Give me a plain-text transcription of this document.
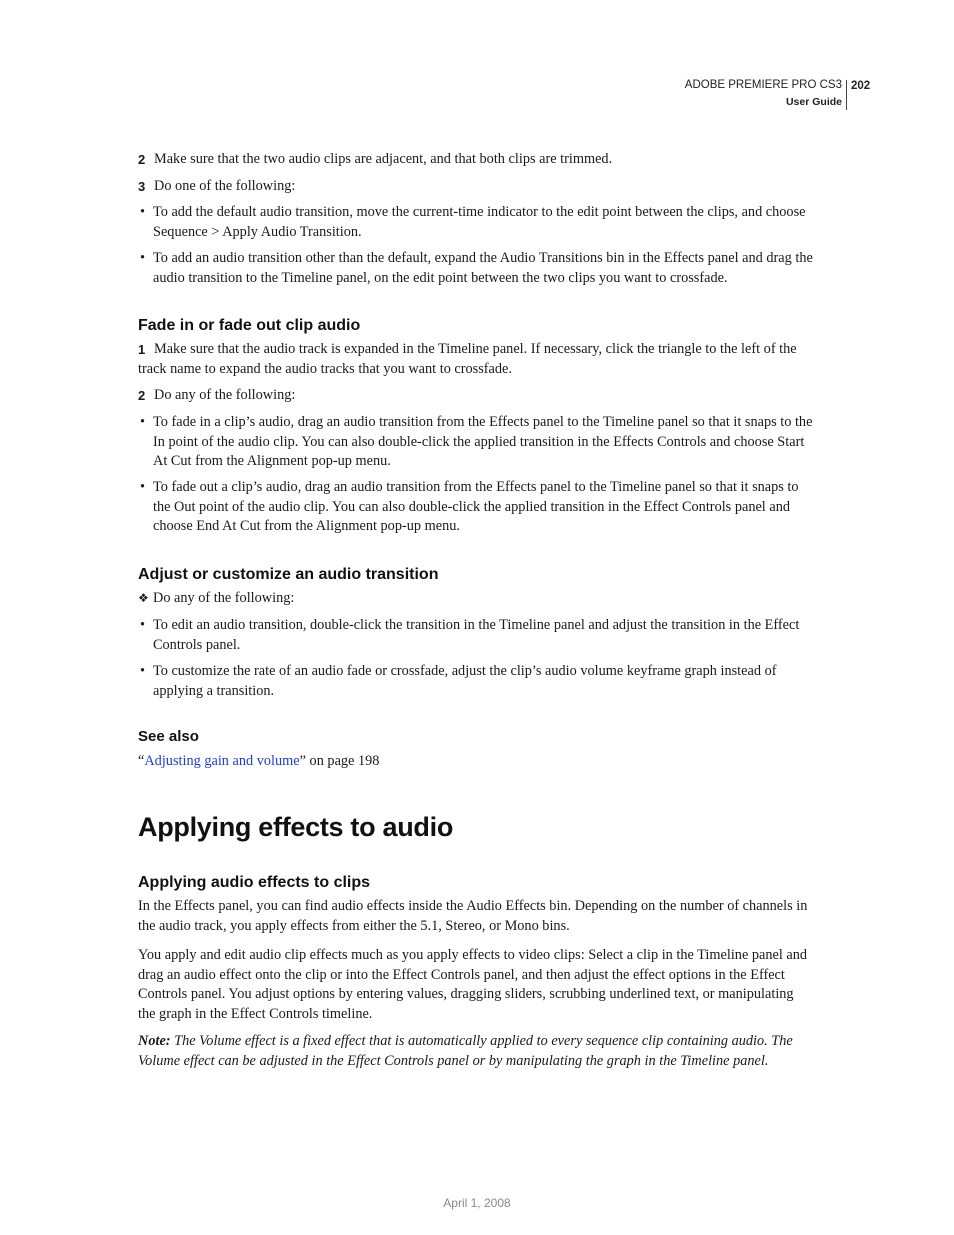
ADOBE PREMIERE PRO CS3
User Guide
202
2 Make sure that the two audio clips are adjacent, and that both clips are trimmed.
3 Do one of the following:
• To add the default audio transition, move the current-time indicator to the edit point between the clips, and choose Sequence > Apply Audio Transition.
• To add an audio transition other than the default, expand the Audio Transitions bin in the Effects panel and drag the audio transition to the Timeline panel, on the edit point between the two clips you want to crossfade.
Fade in or fade out clip audio
1 Make sure that the audio track is expanded in the Timeline panel. If necessary, click the triangle to the left of the track name to expand the audio tracks that you want to crossfade.
2 Do any of the following:
• To fade in a clip’s audio, drag an audio transition from the Effects panel to the Timeline panel so that it snaps to the In point of the audio clip. You can also double-click the applied transition in the Effects Controls and choose Start At Cut from the Alignment pop-up menu.
• To fade out a clip’s audio, drag an audio transition from the Effects panel to the Timeline panel so that it snaps to the Out point of the audio clip. You can also double-click the applied transition in the Effect Controls panel and choose End At Cut from the Alignment pop-up menu.
Adjust or customize an audio transition
❖ Do any of the following:
• To edit an audio transition, double-click the transition in the Timeline panel and adjust the transition in the Effect Controls panel.
• To customize the rate of an audio fade or crossfade, adjust the clip’s audio volume keyframe graph instead of applying a transition.
See also
“Adjusting gain and volume” on page 198
Applying effects to audio
Applying audio effects to clips
In the Effects panel, you can find audio effects inside the Audio Effects bin. Depending on the number of channels in the audio track, you apply effects from either the 5.1, Stereo, or Mono bins.
You apply and edit audio clip effects much as you apply effects to video clips: Select a clip in the Timeline panel and drag an audio effect onto the clip or into the Effect Controls panel, and then adjust the effect options in the Effect Controls panel. You adjust options by entering values, dragging sliders, scrubbing underlined text, or manipulating the graph in the Effect Controls timeline.
Note: The Volume effect is a fixed effect that is automatically applied to every sequence clip containing audio. The Volume effect can be adjusted in the Effect Controls panel or by manipulating the graph in the Timeline panel.
April 1, 2008
